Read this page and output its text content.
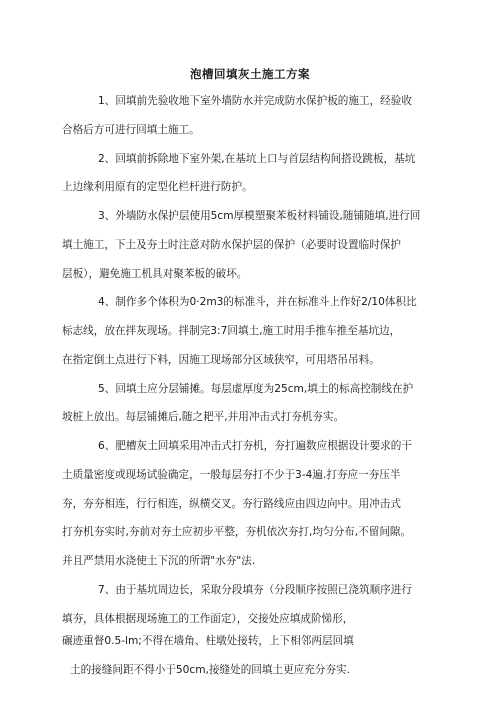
泡槽回填灰土施工方案
1、回填前先验收地下室外墙防水并完成防水保护板的施工，经验收
合格后方可进行回填土施工。
2、回填前拆除地下室外架,在基坑上口与首层结构间搭设跳板，基坑
上边缘利用原有的定型化栏杆进行防护。
3、外墙防水保护层使用5cm厚模塑聚苯板材料铺设,随铺随填,进行回
填土施工，下土及夯土时注意对防水保护层的保护（必要时设置临时保护
层板），避免施工机具对聚苯板的破坏。
4、制作多个体积为0·2m3的标准斗，并在标准斗上作好2/10体积比
标志线，放在拌灰现场。拌制完3:7回填土,施工时用手推车推至基坑边，
在指定倒土点进行下料，因施工现场部分区域狭窄，可用塔吊吊料。
5、回填土应分层铺摊。每层虚厚度为25cm,填土的标高控制线在护
坡桩上放出。每层铺摊后,随之耙平,并用冲击式打夯机夯实。
6、肥槽灰土回填采用冲击式打夯机，夯打遍数应根据设计要求的干
土质量密度或现场试验确定，一般每层夯打不少于3-4遍.打夯应一夯压半
夯，夯夯相连，行行相连，纵横交叉。夯行路线应由四边向中。用冲击式
打夯机夯实时,夯前对夯土应初步平整，夯机依次夯打,均匀分布,不留间隙。
并且严禁用水浇使土下沉的所谓"水夯"法.
7、由于基坑周边长，采取分段填夯（分段顺序按照已浇筑顺序进行
填夯，具体根据现场施工的工作面定），交接处应填成阶悌形，
碾迹重督0.5-lm;不得在墙角、柱墩处接转，上下相邻两层回填
土的接缝间距不得小于50cm,接缝处的回填土更应充分夯实.
